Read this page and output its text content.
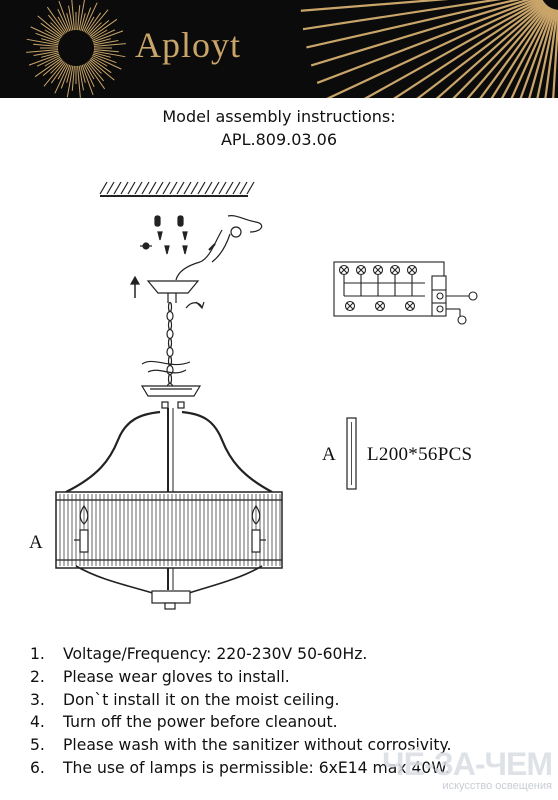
Aployt
Model assembly instructions:
APL.809.03.06
A
A L200*56PCS
1. Voltage/Frequency: 220-230V 50-60Hz.
2. Please wear gloves to install.
3. Don`t install it on the moist ceiling.
4. Turn off the power before cleanout.
5. Please wash with the sanitizer without corrosivity.
6. The use of lamps is permissible: 6xE14 max 40W.
ЧЁ-ЗА-ЧЕМ
искусство освещения
